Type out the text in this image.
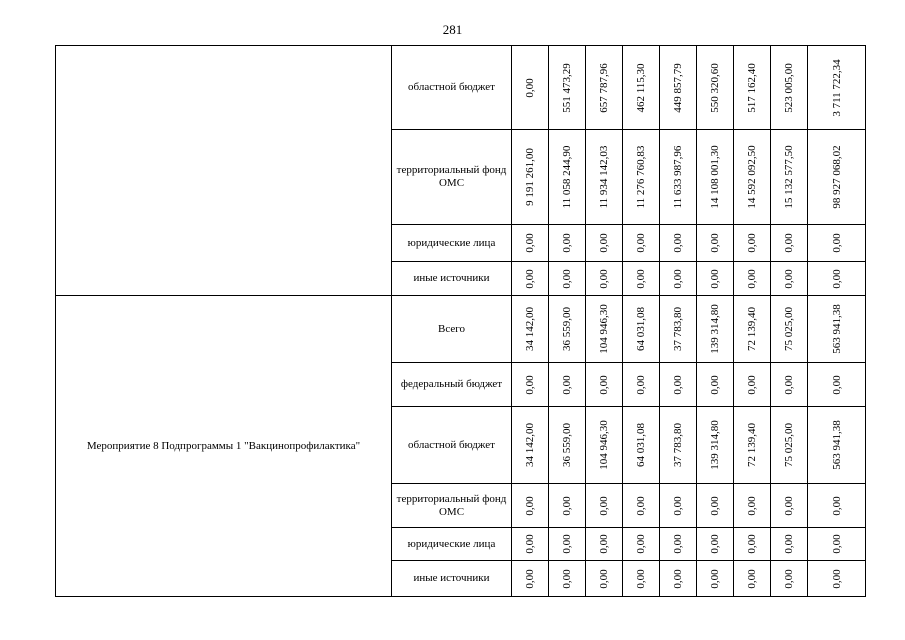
281
	областной бюджет	0,00	551 473,29	657 787,96	462 115,30	449 857,79	550 320,60	517 162,40	523 005,00	3 711 722,34

	территориальный фонд ОМС	9 191 261,00	11 058 244,90	11 934 142,03	11 276 760,83	11 633 987,96	14 108 001,30	14 592 092,50	15 132 577,50	98 927 068,02

	юридические лица	0,00	0,00	0,00	0,00	0,00	0,00	0,00	0,00	0,00

	иные источники	0,00	0,00	0,00	0,00	0,00	0,00	0,00	0,00	0,00

Мероприятие 8 Подпрограммы 1 "Вакцинопрофилактика"	Всего	34 142,00	36 559,00	104 946,30	64 031,08	37 783,80	139 314,80	72 139,40	75 025,00	563 941,38

	федеральный бюджет	0,00	0,00	0,00	0,00	0,00	0,00	0,00	0,00	0,00

	областной бюджет	34 142,00	36 559,00	104 946,30	64 031,08	37 783,80	139 314,80	72 139,40	75 025,00	563 941,38

	территориальный фонд ОМС	0,00	0,00	0,00	0,00	0,00	0,00	0,00	0,00	0,00

	юридические лица	0,00	0,00	0,00	0,00	0,00	0,00	0,00	0,00	0,00

	иные источники	0,00	0,00	0,00	0,00	0,00	0,00	0,00	0,00	0,00
